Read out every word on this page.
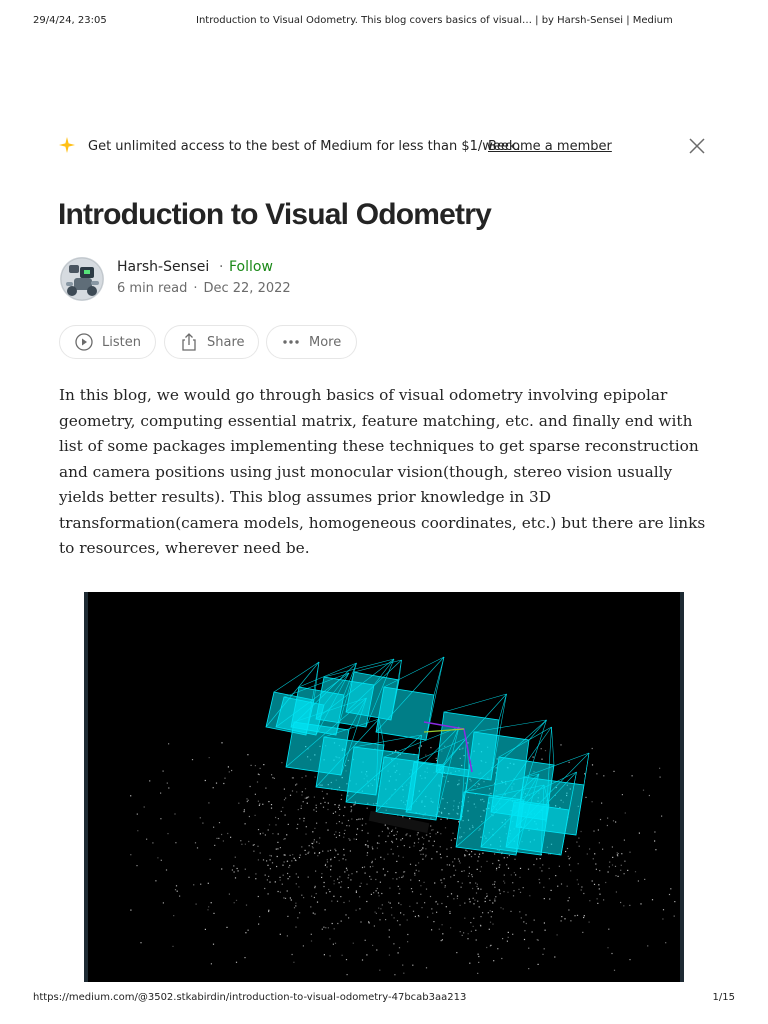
29/4/24, 23:05	Introduction to Visual Odometry. This blog covers basics of visual… | by Harsh-Sensei | Medium
Get unlimited access to the best of Medium for less than $1/week.
Become a member
Introduction to Visual Odometry
Harsh-Sensei · Follow
6 min read · Dec 22, 2022
Listen	Share	More

In this blog, we would go through basics of visual odometry involving epipolar geometry, computing essential matrix, feature matching, etc. and finally end with list of some packages implementing these techniques to get sparse reconstruction and camera positions using just monocular vision(though, stereo vision usually yields better results). This blog assumes prior knowledge in 3D transformation(camera models, homogeneous coordinates, etc.) but there are links to resources, wherever need be.

https://medium.com/@3502.stkabirdin/introduction-to-visual-odometry-47bcab3aa213	1/15
